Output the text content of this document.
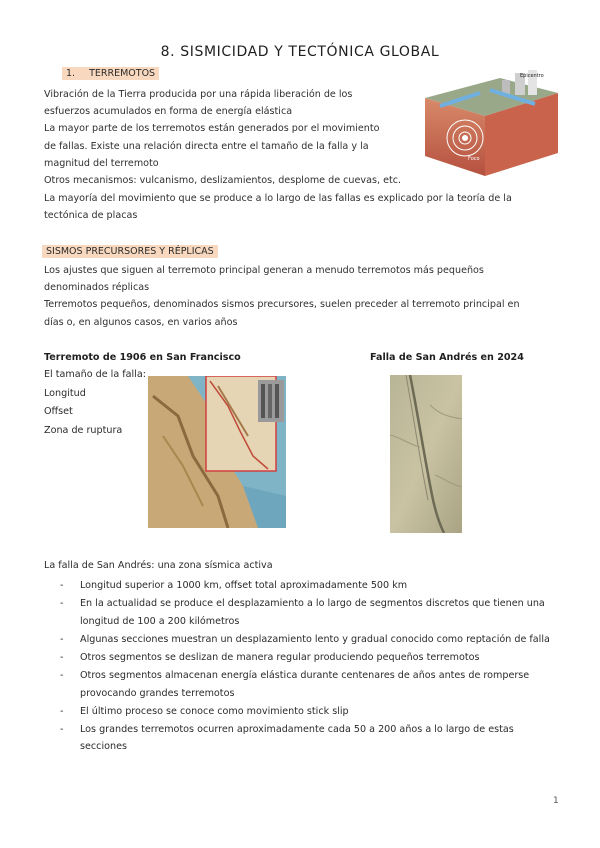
8. SISMICIDAD Y TECTÓNICA GLOBAL
1. TERREMOTOS
Vibración de la Tierra producida por una rápida liberación de los
esfuerzos acumulados en forma de energía elástica
La mayor parte de los terremotos están generados por el movimiento
de fallas. Existe una relación directa entre el tamaño de la falla y la
magnitud del terremoto
Otros mecanismos: vulcanismo, deslizamientos, desplome de cuevas, etc.
La mayoría del movimiento que se produce a lo largo de las fallas es explicado por la teoría de la
tectónica de placas
Epicentro
Foco
SISMOS PRECURSORES Y RÉPLICAS
Los ajustes que siguen al terremoto principal generan a menudo terremotos más pequeños
denominados réplicas
Terremotos pequeños, denominados sismos precursores, suelen preceder al terremoto principal en
días o, en algunos casos, en varios años
Terremoto de 1906 en San Francisco	Falla de San Andrés en 2024
El tamaño de la falla:
Longitud
Offset
Zona de ruptura
La falla de San Andrés: una zona sísmica activa
- Longitud superior a 1000 km, offset total aproximadamente 500 km
- En la actualidad se produce el desplazamiento a lo largo de segmentos discretos que tienen una longitud de 100 a 200 kilómetros
- Algunas secciones muestran un desplazamiento lento y gradual conocido como reptación de falla
- Otros segmentos se deslizan de manera regular produciendo pequeños terremotos
- Otros segmentos almacenan energía elástica durante centenares de años antes de romperse provocando grandes terremotos
- El último proceso se conoce como movimiento stick slip
- Los grandes terremotos ocurren aproximadamente cada 50 a 200 años a lo largo de estas secciones
1
